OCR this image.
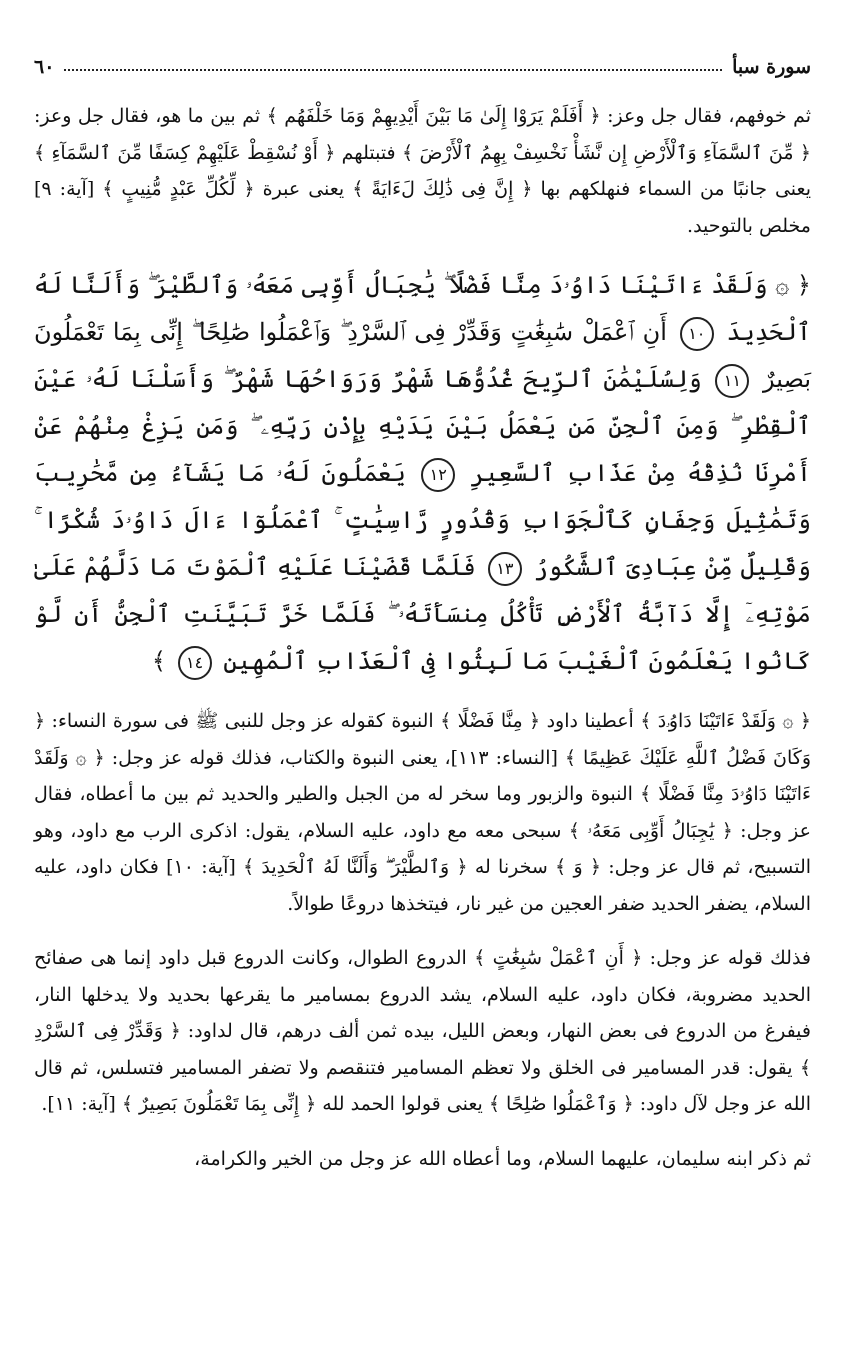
سورة سبأ
٦٠

ثم خوفهم، فقال جل وعز: ﴿ أَفَلَمْ يَرَوْا إِلَىٰ مَا بَيْنَ أَيْدِيهِمْ وَمَا خَلْفَهُم ﴾ ثم بين ما هو، فقال جل وعز: ﴿ مِّنَ ٱلسَّمَآءِ وَٱلْأَرْضِ إِن نَّشَأْ نَخْسِفْ بِهِمُ ٱلْأَرْضَ ﴾ فتبتلهم ﴿ أَوْ نُسْقِطْ عَلَيْهِمْ كِسَفًا مِّنَ ٱلسَّمَآءِ ﴾ يعنى جانبًا من السماء فنهلكهم بها ﴿ إِنَّ فِى ذَٰلِكَ لَءَايَةً ﴾ يعنى عبرة ﴿ لِّكُلِّ عَبْدٍ مُّنِيبٍ ﴾ [آية: ٩] مخلص بالتوحيد.

﴿ ۞ وَلَقَدْ ءَاتَيْنَا دَاوُۥدَ مِنَّا فَضْلًا ۖ يَٰجِبَالُ أَوِّبِى مَعَهُۥ وَٱلطَّيْرَ ۖ وَأَلَنَّا لَهُ ٱلْحَدِيدَ ١٠ أَنِ ٱعْمَلْ سَٰبِغَٰتٍ وَقَدِّرْ فِى ٱلسَّرْدِ ۖ وَٱعْمَلُوا صَٰلِحًا ۖ إِنِّى بِمَا تَعْمَلُونَ بَصِيرٌ ١١ وَلِسُلَيْمَٰنَ ٱلرِّيحَ غُدُوُّهَا شَهْرٌ وَرَوَاحُهَا شَهْرٌ ۖ وَأَسَلْنَا لَهُۥ عَيْنَ ٱلْقِطْرِ ۖ وَمِنَ ٱلْجِنِّ مَن يَعْمَلُ بَيْنَ يَدَيْهِ بِإِذْنِ رَبِّهِۦ ۖ وَمَن يَزِغْ مِنْهُمْ عَنْ أَمْرِنَا نُذِقْهُ مِنْ عَذَابِ ٱلسَّعِيرِ ١٢ يَعْمَلُونَ لَهُۥ مَا يَشَآءُ مِن مَّحَٰرِيبَ وَتَمَٰثِيلَ وَجِفَانٍ كَٱلْجَوَابِ وَقُدُورٍ رَّاسِيَٰتٍ ۚ ٱعْمَلُوٓا ءَالَ دَاوُۥدَ شُكْرًا ۚ وَقَلِيلٌ مِّنْ عِبَادِىَ ٱلشَّكُورُ ١٣ فَلَمَّا قَضَيْنَا عَلَيْهِ ٱلْمَوْتَ مَا دَلَّهُمْ عَلَىٰ مَوْتِهِۦٓ إِلَّا دَآبَّةُ ٱلْأَرْضِ تَأْكُلُ مِنسَأَتَهُۥ ۖ فَلَمَّا خَرَّ تَبَيَّنَتِ ٱلْجِنُّ أَن لَّوْ كَانُوا يَعْلَمُونَ ٱلْغَيْبَ مَا لَبِثُوا فِى ٱلْعَذَابِ ٱلْمُهِينِ ١٤ ﴾

﴿ ۞ وَلَقَدْ ءَاتَيْنَا دَاوُۥدَ ﴾ أعطينا داود ﴿ مِنَّا فَضْلًا ﴾ النبوة كقوله عز وجل للنبى ﷺ فى سورة النساء: ﴿ وَكَانَ فَضْلُ ٱللَّهِ عَلَيْكَ عَظِيمًا ﴾ [النساء: ١١٣]، يعنى النبوة والكتاب، فذلك قوله عز وجل: ﴿ ۞ وَلَقَدْ ءَاتَيْنَا دَاوُۥدَ مِنَّا فَضْلًا ﴾ النبوة والزبور وما سخر له من الجبل والطير والحديد ثم بين ما أعطاه، فقال عز وجل: ﴿ يَٰجِبَالُ أَوِّبِى مَعَهُۥ ﴾ سبحى معه مع داود، عليه السلام، يقول: اذكرى الرب مع داود، وهو التسبيح، ثم قال عز وجل: ﴿ وَ ﴾ سخرنا له ﴿ وَٱلطَّيْرَ ۖ وَأَلَنَّا لَهُ ٱلْحَدِيدَ ﴾ [آية: ١٠] فكان داود، عليه السلام، يضفر الحديد ضفر العجين من غير نار، فيتخذها دروعًا طوالاً.

فذلك قوله عز وجل: ﴿ أَنِ ٱعْمَلْ سَٰبِغَٰتٍ ﴾ الدروع الطوال، وكانت الدروع قبل داود إنما هى صفائح الحديد مضروبة، فكان داود، عليه السلام، يشد الدروع بمسامير ما يقرعها بحديد ولا يدخلها النار، فيفرغ من الدروع فى بعض النهار، وبعض الليل، بيده ثمن ألف درهم، قال لداود: ﴿ وَقَدِّرْ فِى ٱلسَّرْدِ ﴾ يقول: قدر المسامير فى الخلق ولا تعظم المسامير فتنقصم ولا تضفر المسامير فتسلس، ثم قال الله عز وجل لآل داود: ﴿ وَٱعْمَلُوا صَٰلِحًا ﴾ يعنى قولوا الحمد لله ﴿ إِنِّى بِمَا تَعْمَلُونَ بَصِيرٌ ﴾ [آية: ١١].

ثم ذكر ابنه سليمان، عليهما السلام، وما أعطاه الله عز وجل من الخير والكرامة،
